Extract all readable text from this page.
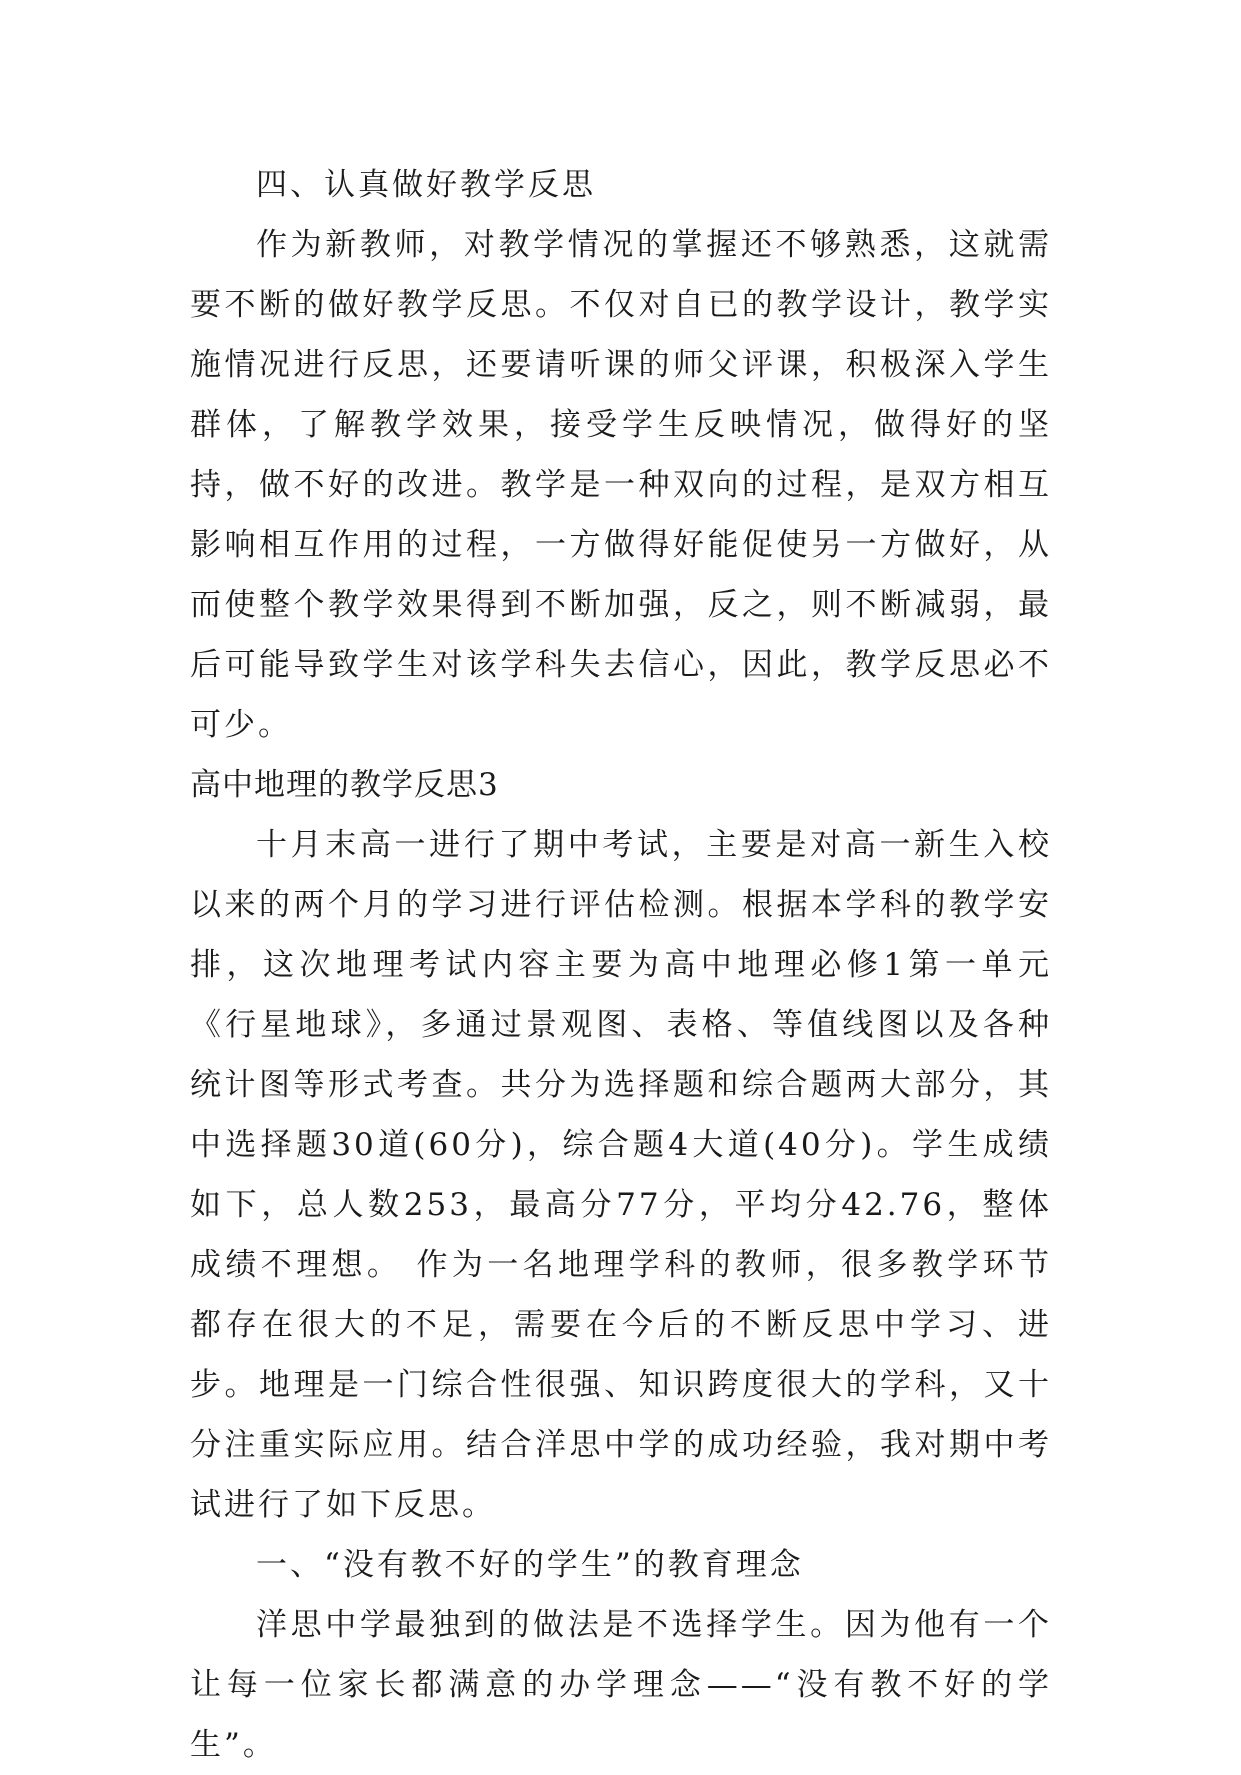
四、认真做好教学反思

作为新教师，对教学情况的掌握还不够熟悉，这就需要不断的做好教学反思。不仅对自已的教学设计，教学实施情况进行反思，还要请听课的师父评课，积极深入学生群体，了解教学效果，接受学生反映情况，做得好的坚持，做不好的改进。教学是一种双向的过程，是双方相互影响相互作用的过程，一方做得好能促使另一方做好，从而使整个教学效果得到不断加强，反之，则不断减弱，最后可能导致学生对该学科失去信心，因此，教学反思必不可少。

高中地理的教学反思3

十月末高一进行了期中考试，主要是对高一新生入校以来的两个月的学习进行评估检测。根据本学科的教学安排，这次地理考试内容主要为高中地理必修1第一单元《行星地球》，多通过景观图、表格、等值线图以及各种统计图等形式考查。共分为选择题和综合题两大部分，其中选择题30道(60分)，综合题4大道(40分)。学生成绩如下，总人数253，最高分77分，平均分42.76，整体成绩不理想。 作为一名地理学科的教师，很多教学环节都存在很大的不足，需要在今后的不断反思中学习、进步。地理是一门综合性很强、知识跨度很大的学科，又十分注重实际应用。结合洋思中学的成功经验，我对期中考试进行了如下反思。

一、“没有教不好的学生”的教育理念

洋思中学最独到的做法是不选择学生。因为他有一个让每一位家长都满意的办学理念——“没有教不好的学生”。
